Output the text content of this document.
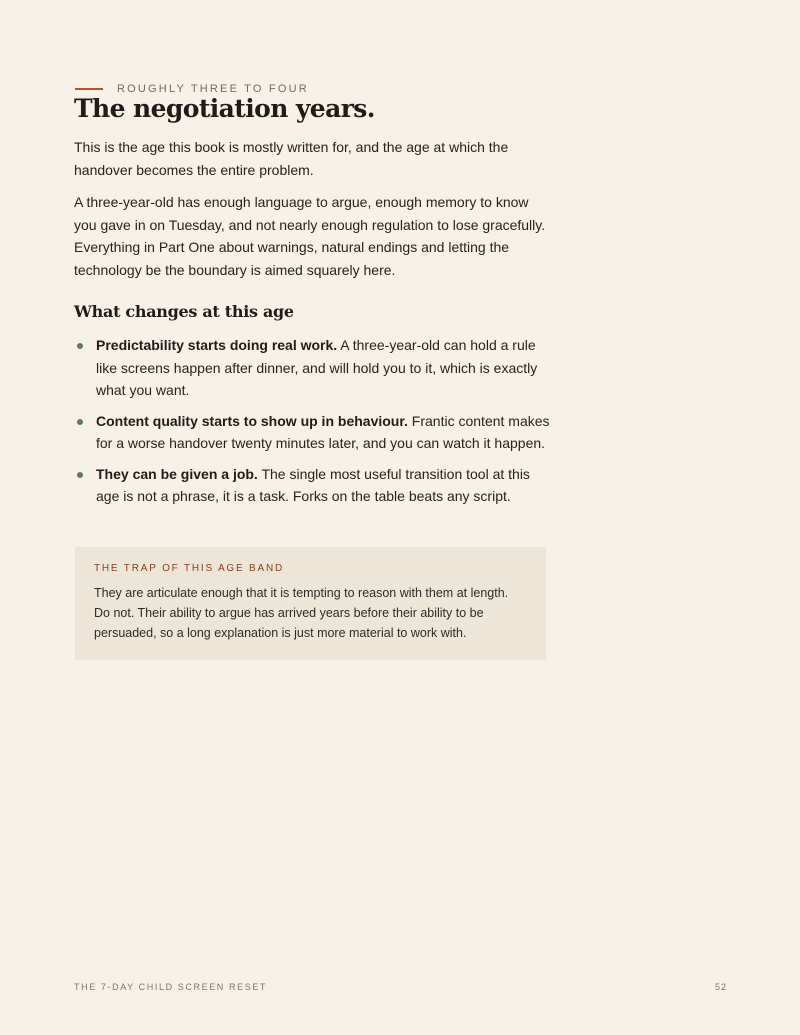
ROUGHLY THREE TO FOUR
The negotiation years.

This is the age this book is mostly written for, and the age at which the handover becomes the entire problem.

A three-year-old has enough language to argue, enough memory to know you gave in on Tuesday, and not nearly enough regulation to lose gracefully. Everything in Part One about warnings, natural endings and letting the technology be the boundary is aimed squarely here.

What changes at this age
Predictability starts doing real work. A three-year-old can hold a rule like screens happen after dinner, and will hold you to it, which is exactly what you want.
Content quality starts to show up in behaviour. Frantic content makes for a worse handover twenty minutes later, and you can watch it happen.
They can be given a job. The single most useful transition tool at this age is not a phrase, it is a task. Forks on the table beats any script.

THE TRAP OF THIS AGE BAND

They are articulate enough that it is tempting to reason with them at length. Do not. Their ability to argue has arrived years before their ability to be persuaded, so a long explanation is just more material to work with.

THE 7-DAY CHILD SCREEN RESET	52
